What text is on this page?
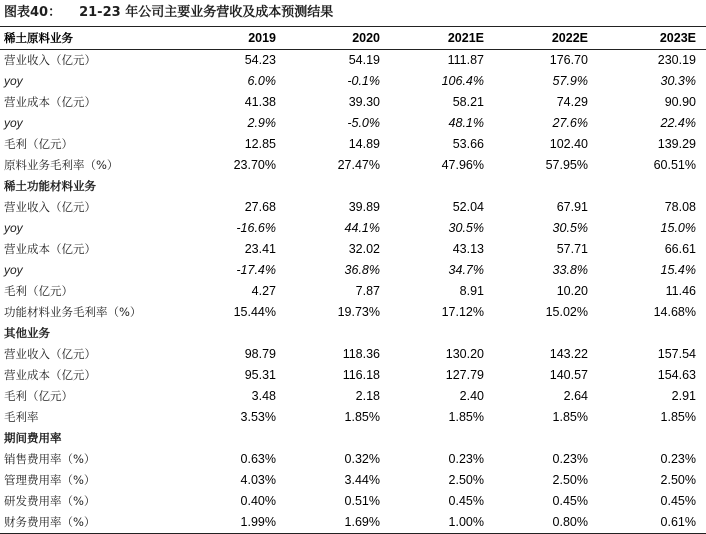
图表40： 21-23 年公司主要业务营收及成本预测结果
稀土原料业务	2019	2020	2021E	2022E	2023E
营业收入（亿元）	54.23	54.19	111.87	176.70	230.19
yoy	6.0%	-0.1%	106.4%	57.9%	30.3%
营业成本（亿元）	41.38	39.30	58.21	74.29	90.90
yoy	2.9%	-5.0%	48.1%	27.6%	22.4%
毛利（亿元）	12.85	14.89	53.66	102.40	139.29
原料业务毛利率（%）	23.70%	27.47%	47.96%	57.95%	60.51%
稀土功能材料业务					
营业收入（亿元）	27.68	39.89	52.04	67.91	78.08
yoy	-16.6%	44.1%	30.5%	30.5%	15.0%
营业成本（亿元）	23.41	32.02	43.13	57.71	66.61
yoy	-17.4%	36.8%	34.7%	33.8%	15.4%
毛利（亿元）	4.27	7.87	8.91	10.20	11.46
功能材料业务毛利率（%）	15.44%	19.73%	17.12%	15.02%	14.68%
其他业务					
营业收入（亿元）	98.79	118.36	130.20	143.22	157.54
营业成本（亿元）	95.31	116.18	127.79	140.57	154.63
毛利（亿元）	3.48	2.18	2.40	2.64	2.91
毛利率	3.53%	1.85%	1.85%	1.85%	1.85%
期间费用率					
销售费用率（%）	0.63%	0.32%	0.23%	0.23%	0.23%
管理费用率（%）	4.03%	3.44%	2.50%	2.50%	2.50%
研发费用率（%）	0.40%	0.51%	0.45%	0.45%	0.45%
财务费用率（%）	1.99%	1.69%	1.00%	0.80%	0.61%
